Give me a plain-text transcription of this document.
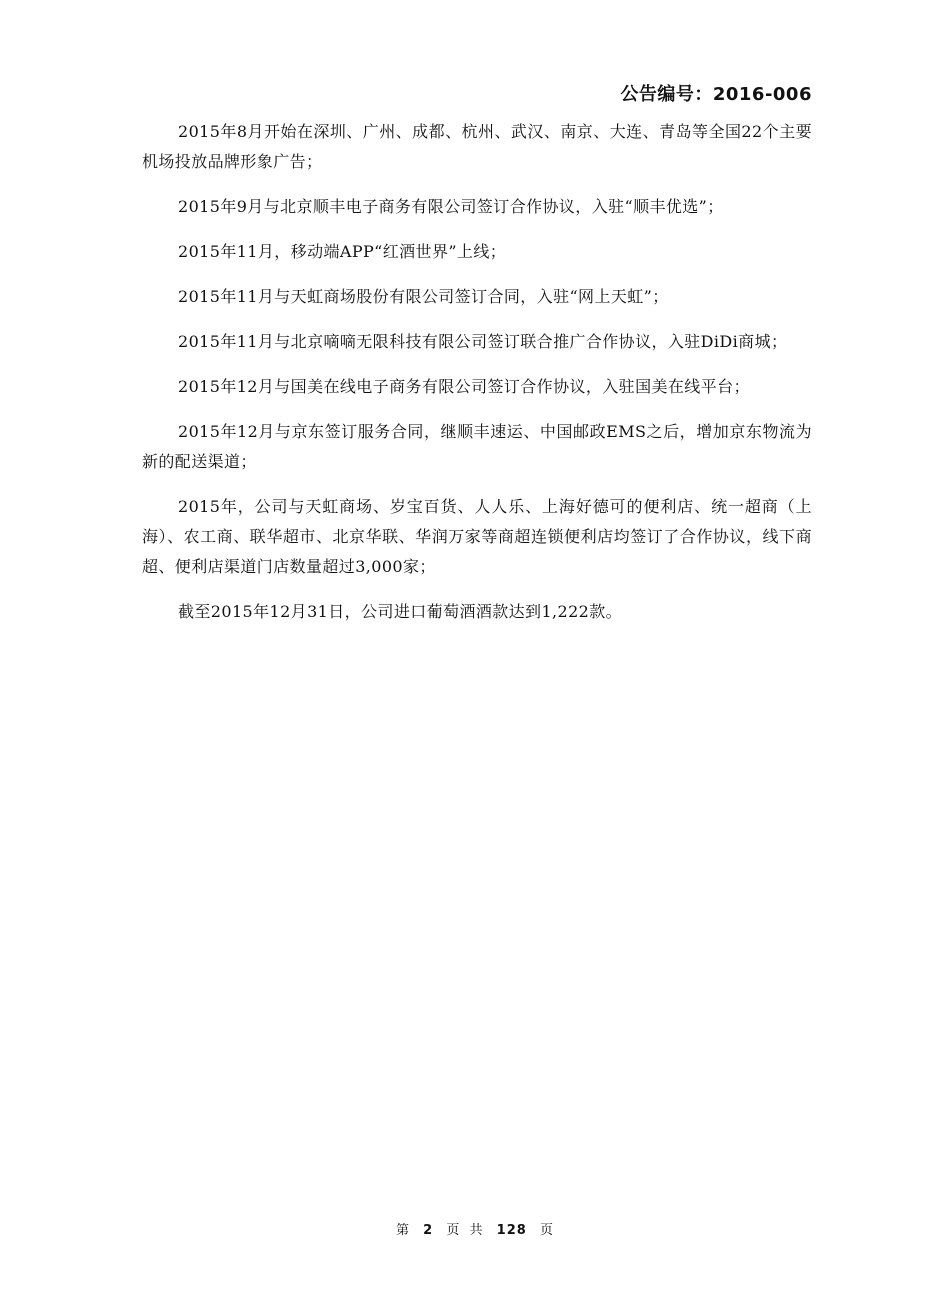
公告编号：2016-006

2015年8月开始在深圳、广州、成都、杭州、武汉、南京、大连、青岛等全国22个主要机场投放品牌形象广告；

2015年9月与北京顺丰电子商务有限公司签订合作协议，入驻“顺丰优选”；

2015年11月，移动端APP“红酒世界”上线；

2015年11月与天虹商场股份有限公司签订合同，入驻“网上天虹”；

2015年11月与北京嘀嘀无限科技有限公司签订联合推广合作协议，入驻DiDi商城；

2015年12月与国美在线电子商务有限公司签订合作协议，入驻国美在线平台；

2015年12月与京东签订服务合同，继顺丰速运、中国邮政EMS之后，增加京东物流为新的配送渠道；

2015年，公司与天虹商场、岁宝百货、人人乐、上海好德可的便利店、统一超商（上海）、农工商、联华超市、北京华联、华润万家等商超连锁便利店均签订了合作协议，线下商超、便利店渠道门店数量超过3,000家；

截至2015年12月31日，公司进口葡萄酒酒款达到1,222款。

第 2 页 共 128 页
